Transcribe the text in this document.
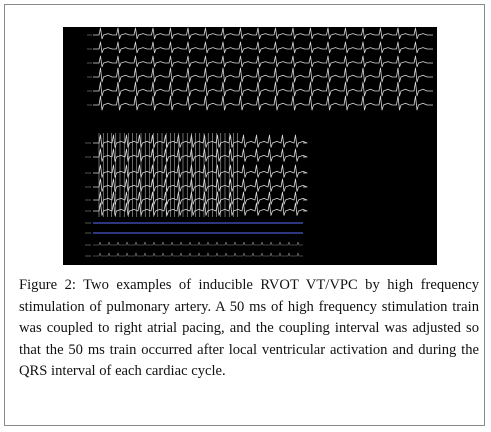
Figure 2: Two examples of inducible RVOT VT/VPC by high frequency stimulation of pulmonary artery. A 50 ms of high frequency stimulation train was coupled to right atrial pacing, and the coupling interval was adjusted so that the 50 ms train occurred after local ventricular activation and during the QRS interval of each cardiac cycle.
